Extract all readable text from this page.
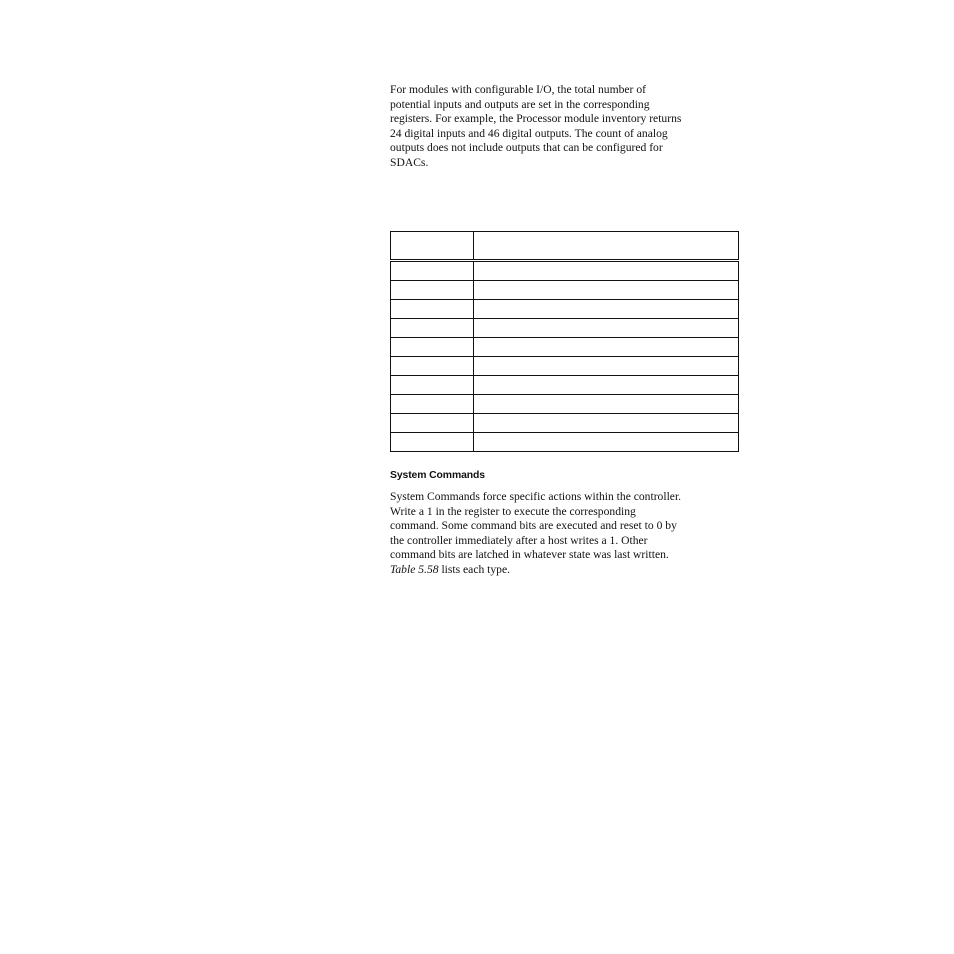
For modules with configurable I/O, the total number of
potential inputs and outputs are set in the corresponding
registers. For example, the Processor module inventory returns
24 digital inputs and 46 digital outputs. The count of analog
outputs does not include outputs that can be configured for
SDACs.

System Commands

System Commands force specific actions within the controller.
Write a 1 in the register to execute the corresponding
command. Some command bits are executed and reset to 0 by
the controller immediately after a host writes a 1. Other
command bits are latched in whatever state was last written.

Table 5.58 lists each type.
